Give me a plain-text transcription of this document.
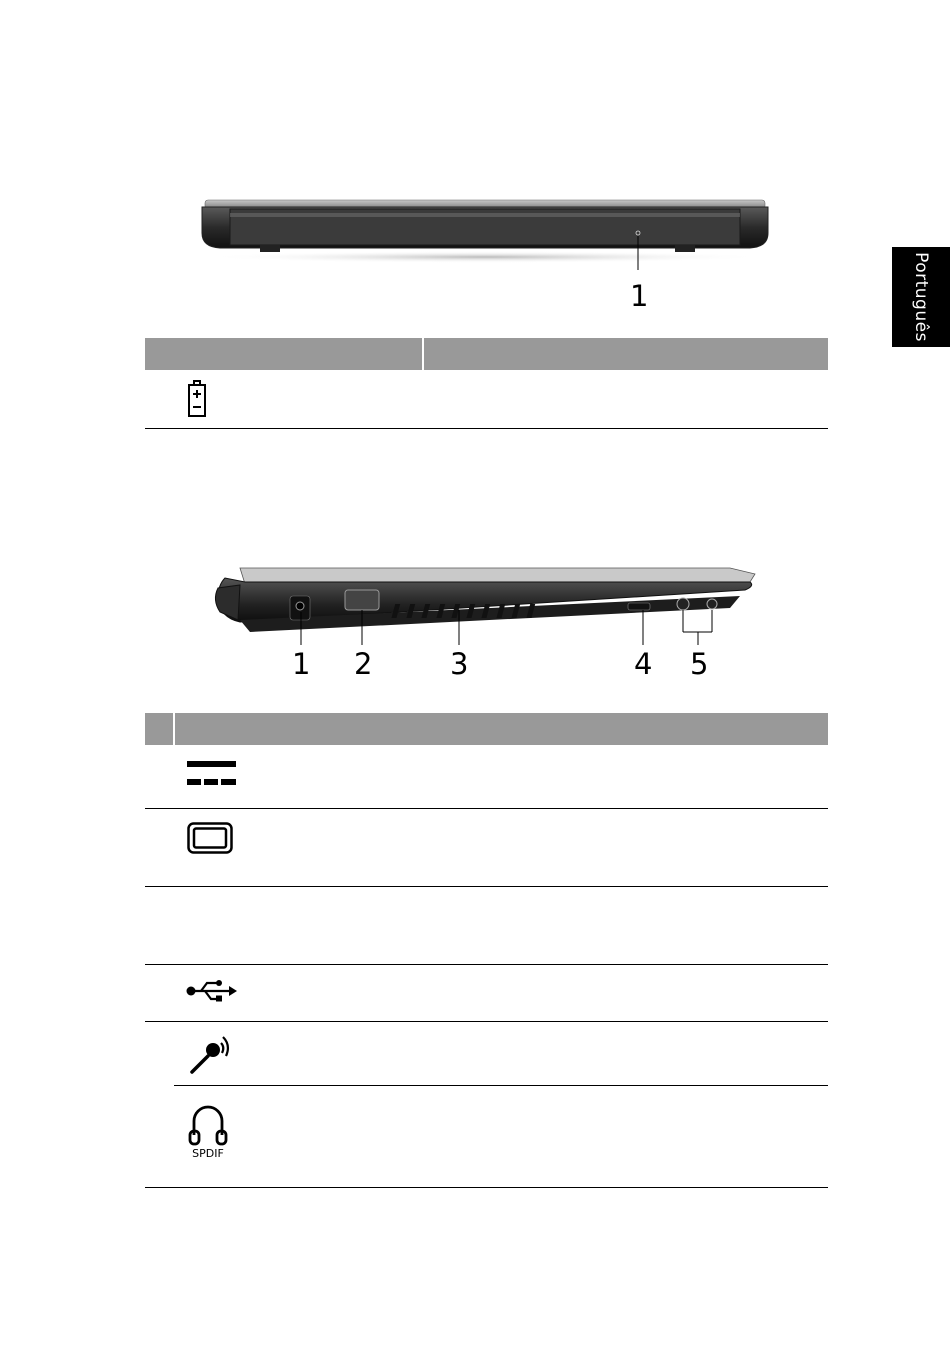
Português
1
1 2	3	4 5
SPDIF
